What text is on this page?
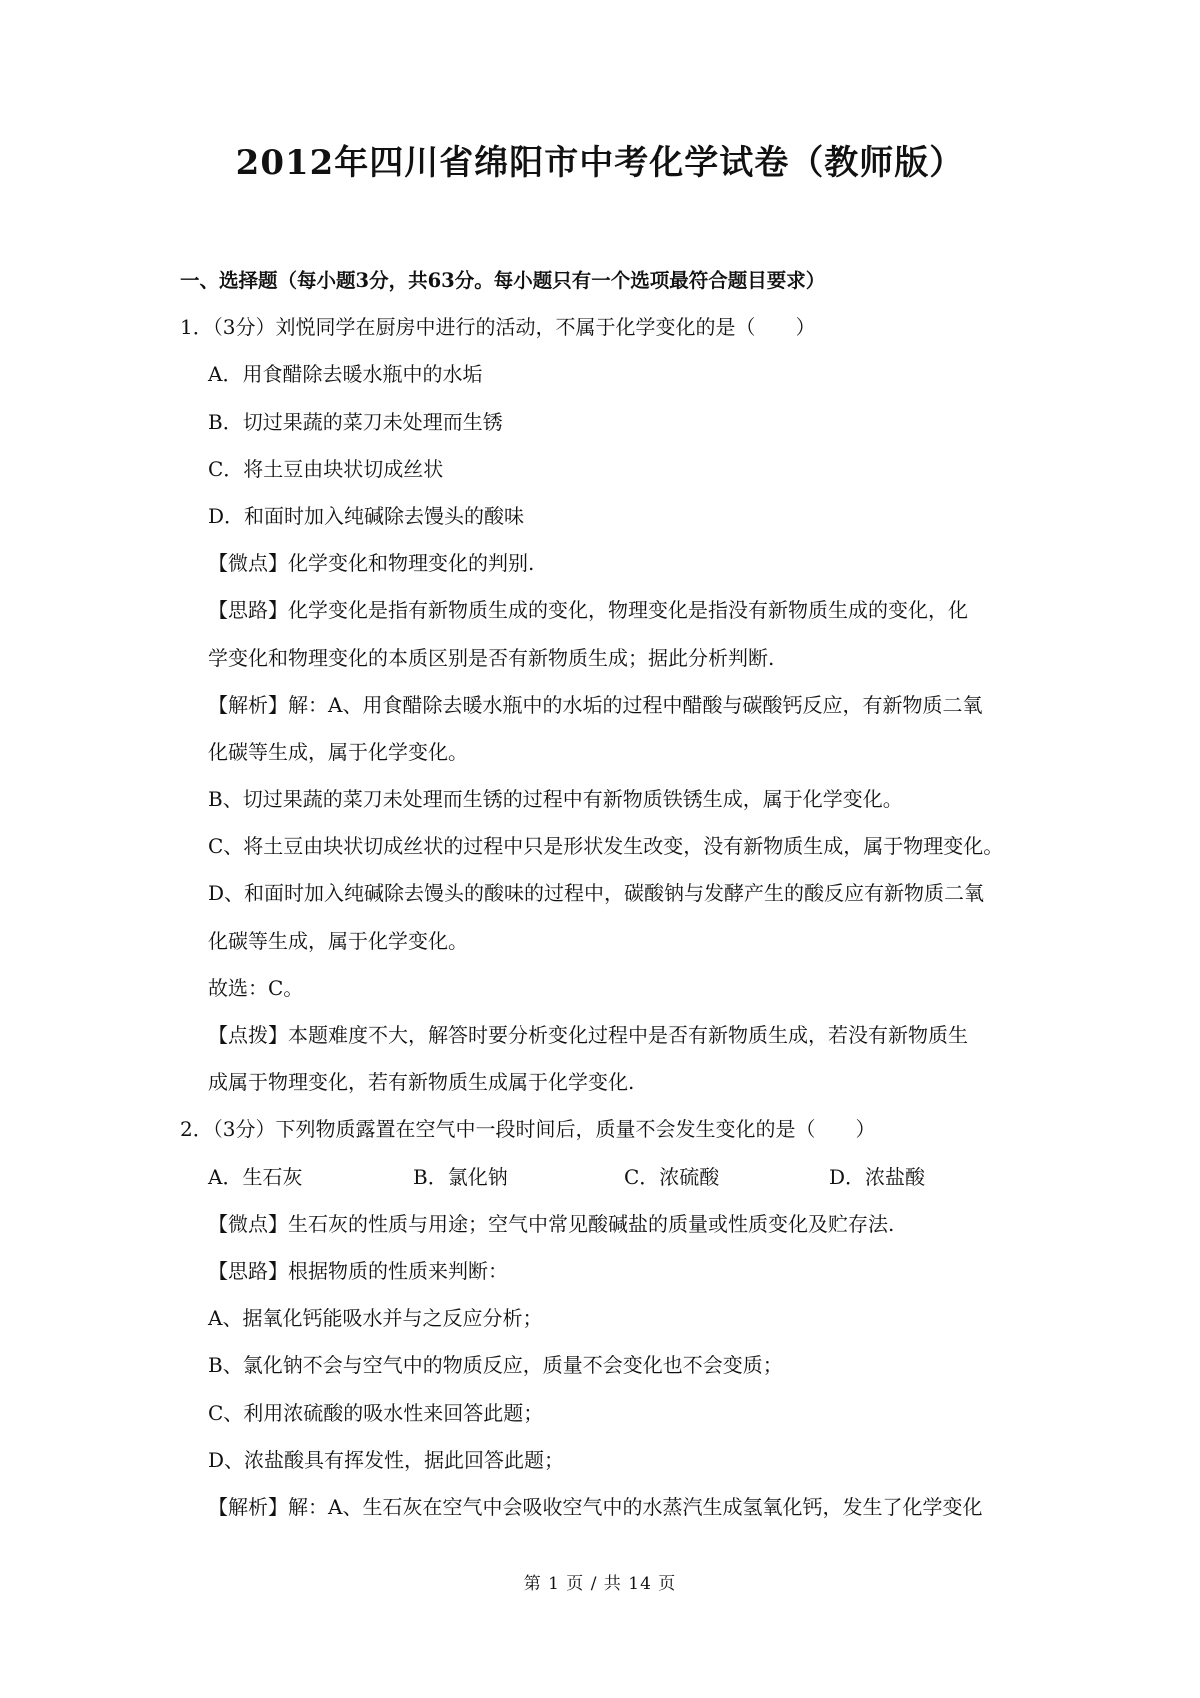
2012年四川省绵阳市中考化学试卷（教师版）
一、选择题（每小题3分，共63分。每小题只有一个选项最符合题目要求）
1．（3分）刘悦同学在厨房中进行的活动，不属于化学变化的是（　　）
A．用食醋除去暖水瓶中的水垢
B．切过果蔬的菜刀未处理而生锈
C．将土豆由块状切成丝状
D．和面时加入纯碱除去馒头的酸味
【微点】化学变化和物理变化的判别.
【思路】化学变化是指有新物质生成的变化，物理变化是指没有新物质生成的变化，化
学变化和物理变化的本质区别是否有新物质生成；据此分析判断.
【解析】解：A、用食醋除去暖水瓶中的水垢的过程中醋酸与碳酸钙反应，有新物质二氧
化碳等生成，属于化学变化。
B、切过果蔬的菜刀未处理而生锈的过程中有新物质铁锈生成，属于化学变化。
C、将土豆由块状切成丝状的过程中只是形状发生改变，没有新物质生成，属于物理变化。
D、和面时加入纯碱除去馒头的酸味的过程中，碳酸钠与发酵产生的酸反应有新物质二氧
化碳等生成，属于化学变化。
故选：C。
【点拨】本题难度不大，解答时要分析变化过程中是否有新物质生成，若没有新物质生
成属于物理变化，若有新物质生成属于化学变化.
2．（3分）下列物质露置在空气中一段时间后，质量不会发生变化的是（　　）
A．生石灰	B．氯化钠	C．浓硫酸	D．浓盐酸
【微点】生石灰的性质与用途；空气中常见酸碱盐的质量或性质变化及贮存法.
【思路】根据物质的性质来判断：
A、据氧化钙能吸水并与之反应分析；
B、氯化钠不会与空气中的物质反应，质量不会变化也不会变质；
C、利用浓硫酸的吸水性来回答此题；
D、浓盐酸具有挥发性，据此回答此题；
【解析】解：A、生石灰在空气中会吸收空气中的水蒸汽生成氢氧化钙，发生了化学变化
第 1 页 / 共 14 页
